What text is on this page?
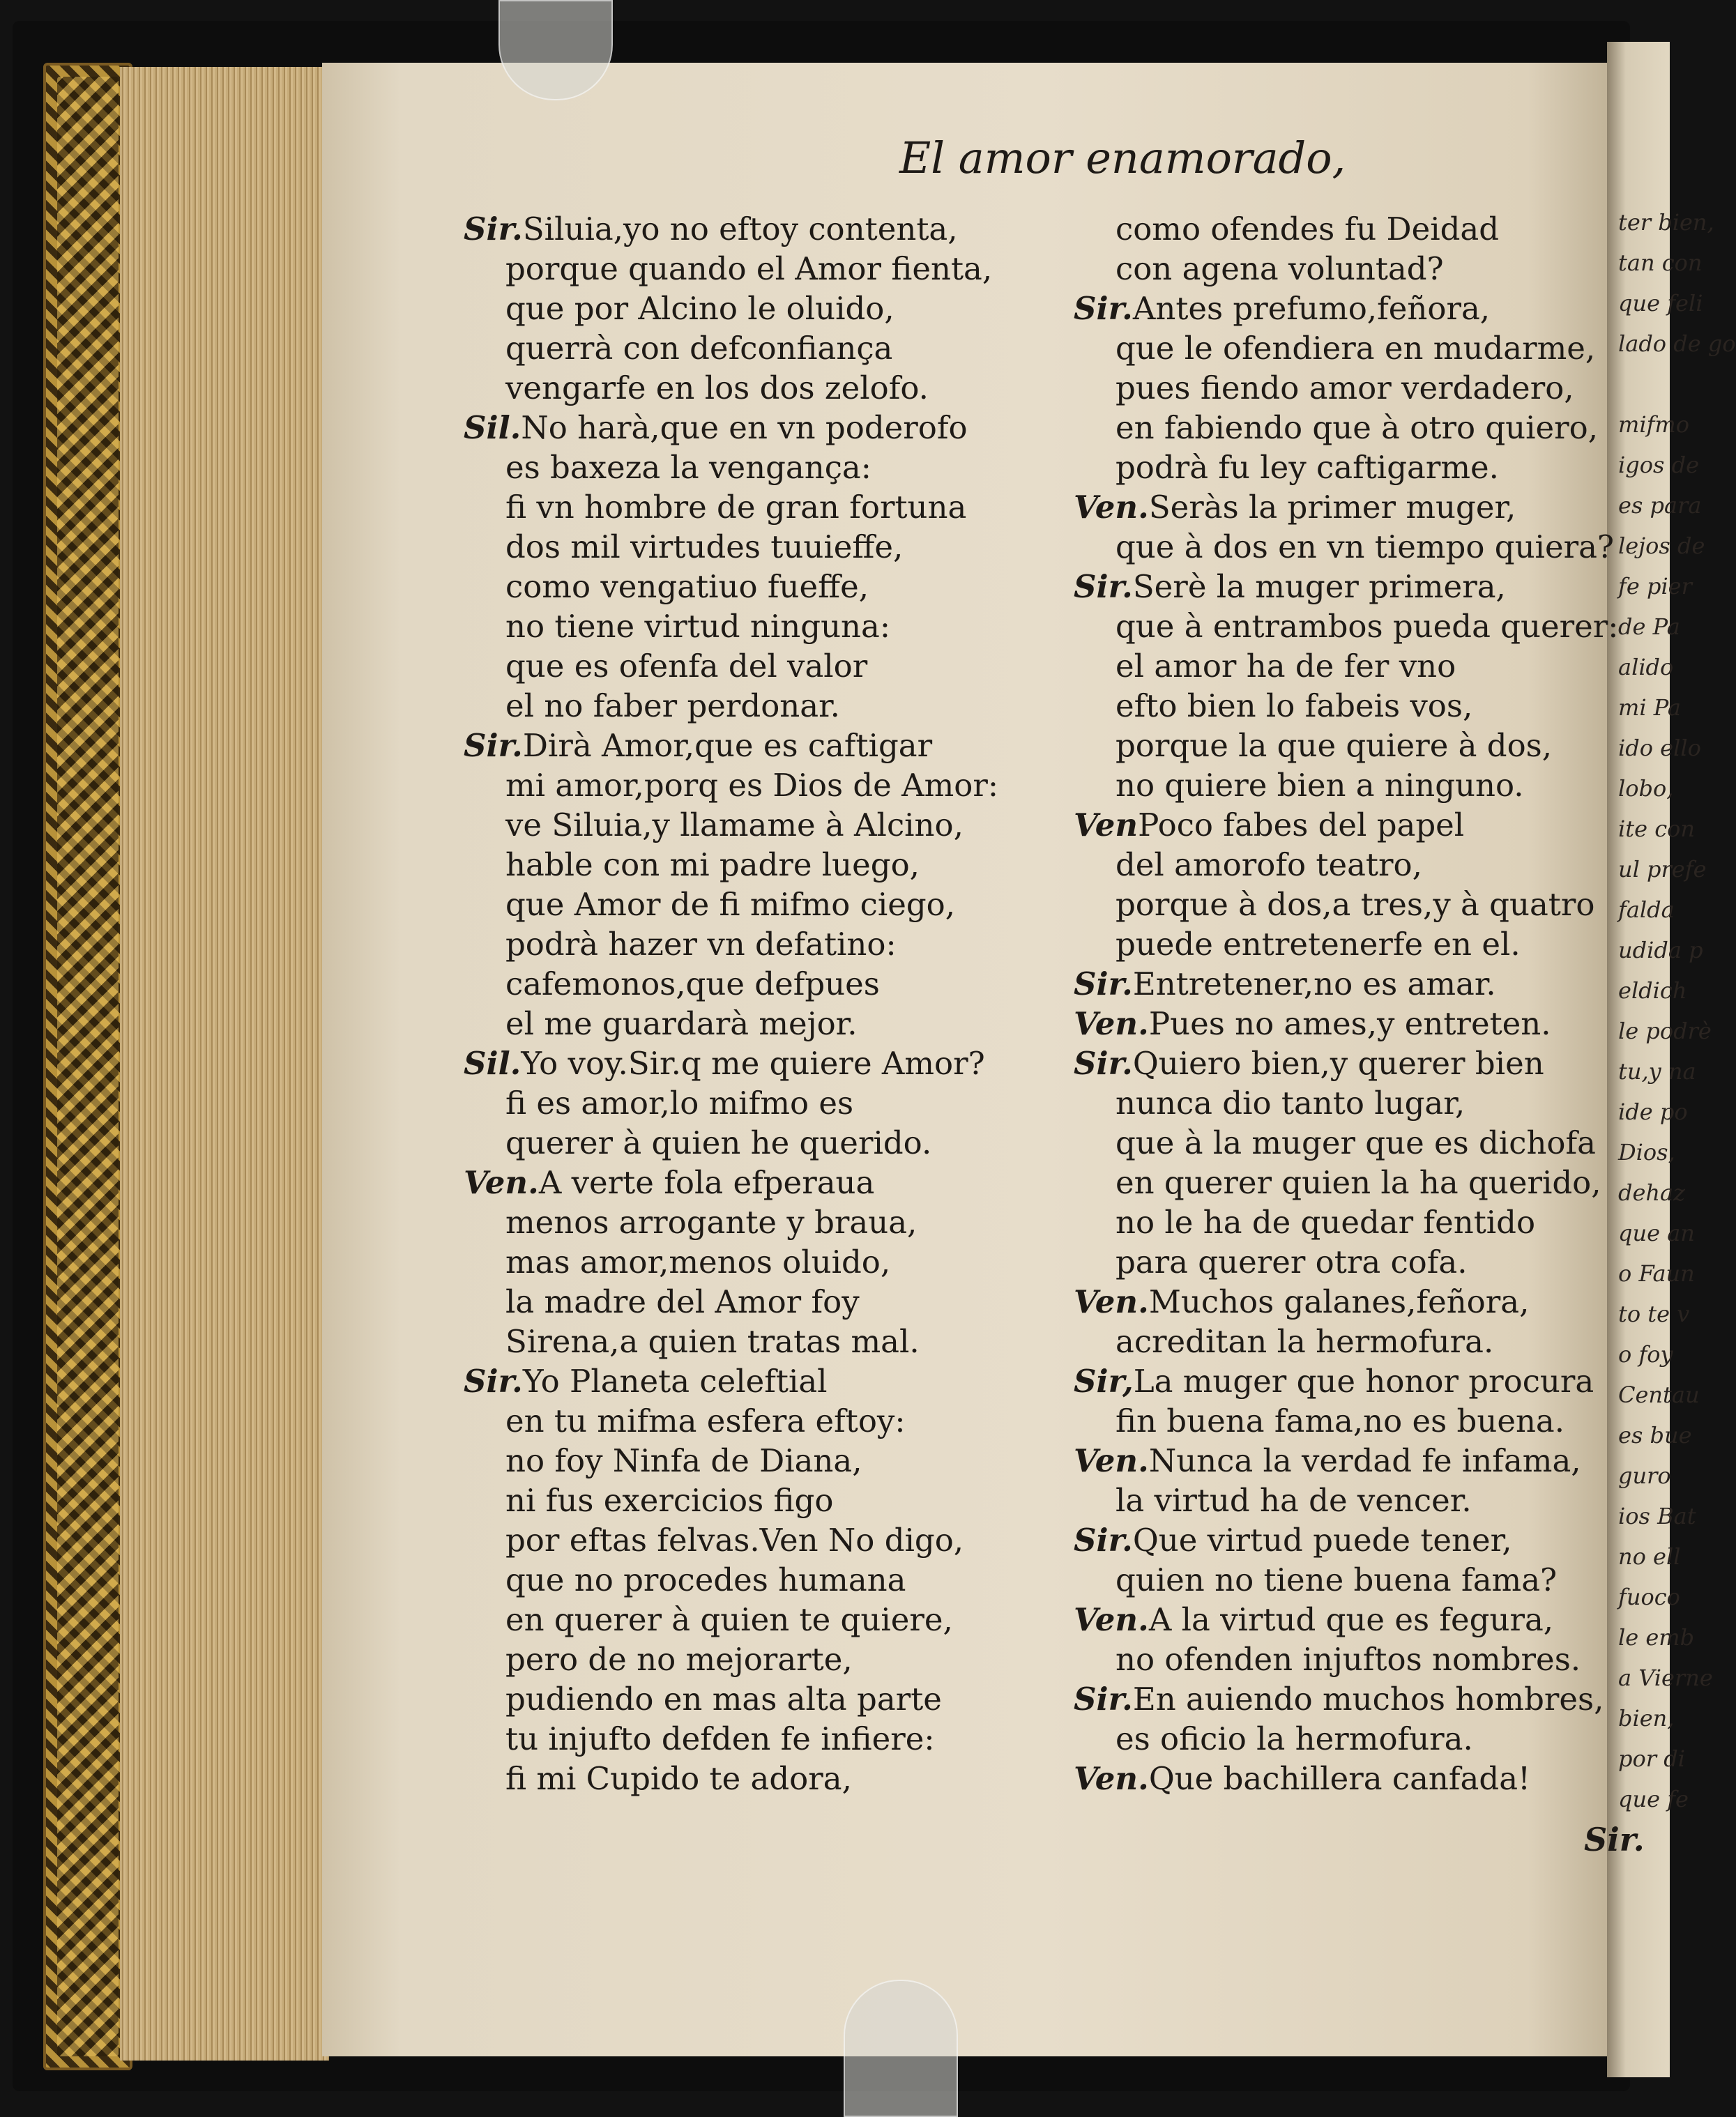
ter bien,
tan con
que feli
lado de go
mifmo
igos de
es para
lejos de
fe pier
de Pa
alido
mi Pa
ido ello
lobo,
ite con
ul prefe
falda
udida p
eldich
le podrè
tu,y na
ide po
Dios,
dehaz
que an
o Faun
to te v
o foy
Centau
es bue
guro
ios Bat
no ell
fuoco
le emb
a Vierne
bien,
por di
que fe
El amor enamorado,
Sir.Siluia,yo no eftoy contenta,
porque quando el Amor fienta,
que por Alcino le oluido,
querrà con defconfiança
vengarfe en los dos zelofo.
Sil.No harà,que en vn poderofo
es baxeza la vengança:
fi vn hombre de gran fortuna
dos mil virtudes tuuieffe,
como vengatiuo fueffe,
no tiene virtud ninguna:
que es ofenfa del valor
el no faber perdonar.
Sir.Dirà Amor,que es caftigar
mi amor,porq es Dios de Amor:
ve Siluia,y llamame à Alcino,
hable con mi padre luego,
que Amor de fi mifmo ciego,
podrà hazer vn defatino:
cafemonos,que defpues
el me guardarà mejor.
Sil.Yo voy.Sir.q me quiere Amor?
fi es amor,lo mifmo es
querer à quien he querido.
Ven.A verte fola efperaua
menos arrogante y braua,
mas amor,menos oluido,
la madre del Amor foy
Sirena,a quien tratas mal.
Sir.Yo Planeta celeftial
en tu mifma esfera eftoy:
no foy Ninfa de Diana,
ni fus exercicios figo
por eftas felvas.Ven No digo,
que no procedes humana
en querer à quien te quiere,
pero de no mejorarte,
pudiendo en mas alta parte
tu injufto defden fe infiere:
fi mi Cupido te adora,
como ofendes fu Deidad
con agena voluntad?
Sir.Antes prefumo,feñora,
que le ofendiera en mudarme,
pues fiendo amor verdadero,
en fabiendo que à otro quiero,
podrà fu ley caftigarme.
Ven.Seràs la primer muger,
que à dos en vn tiempo quiera?
Sir.Serè la muger primera,
que à entrambos pueda querer:
el amor ha de fer vno
efto bien lo fabeis vos,
porque la que quiere à dos,
no quiere bien a ninguno.
VenPoco fabes del papel
del amorofo teatro,
porque à dos,a tres,y à quatro
puede entretenerfe en el.
Sir.Entretener,no es amar.
Ven.Pues no ames,y entreten.
Sir.Quiero bien,y querer bien
nunca dio tanto lugar,
que à la muger que es dichofa
en querer quien la ha querido,
no le ha de quedar fentido
para querer otra cofa.
Ven.Muchos galanes,feñora,
acreditan la hermofura.
Sir,La muger que honor procura
fin buena fama,no es buena.
Ven.Nunca la verdad fe infama,
la virtud ha de vencer.
Sir.Que virtud puede tener,
quien no tiene buena fama?
Ven.A la virtud que es fegura,
no ofenden injuftos nombres.
Sir.En auiendo muchos hombres,
es oficio la hermofura.
Ven.Que bachillera canfada!
Sir.
